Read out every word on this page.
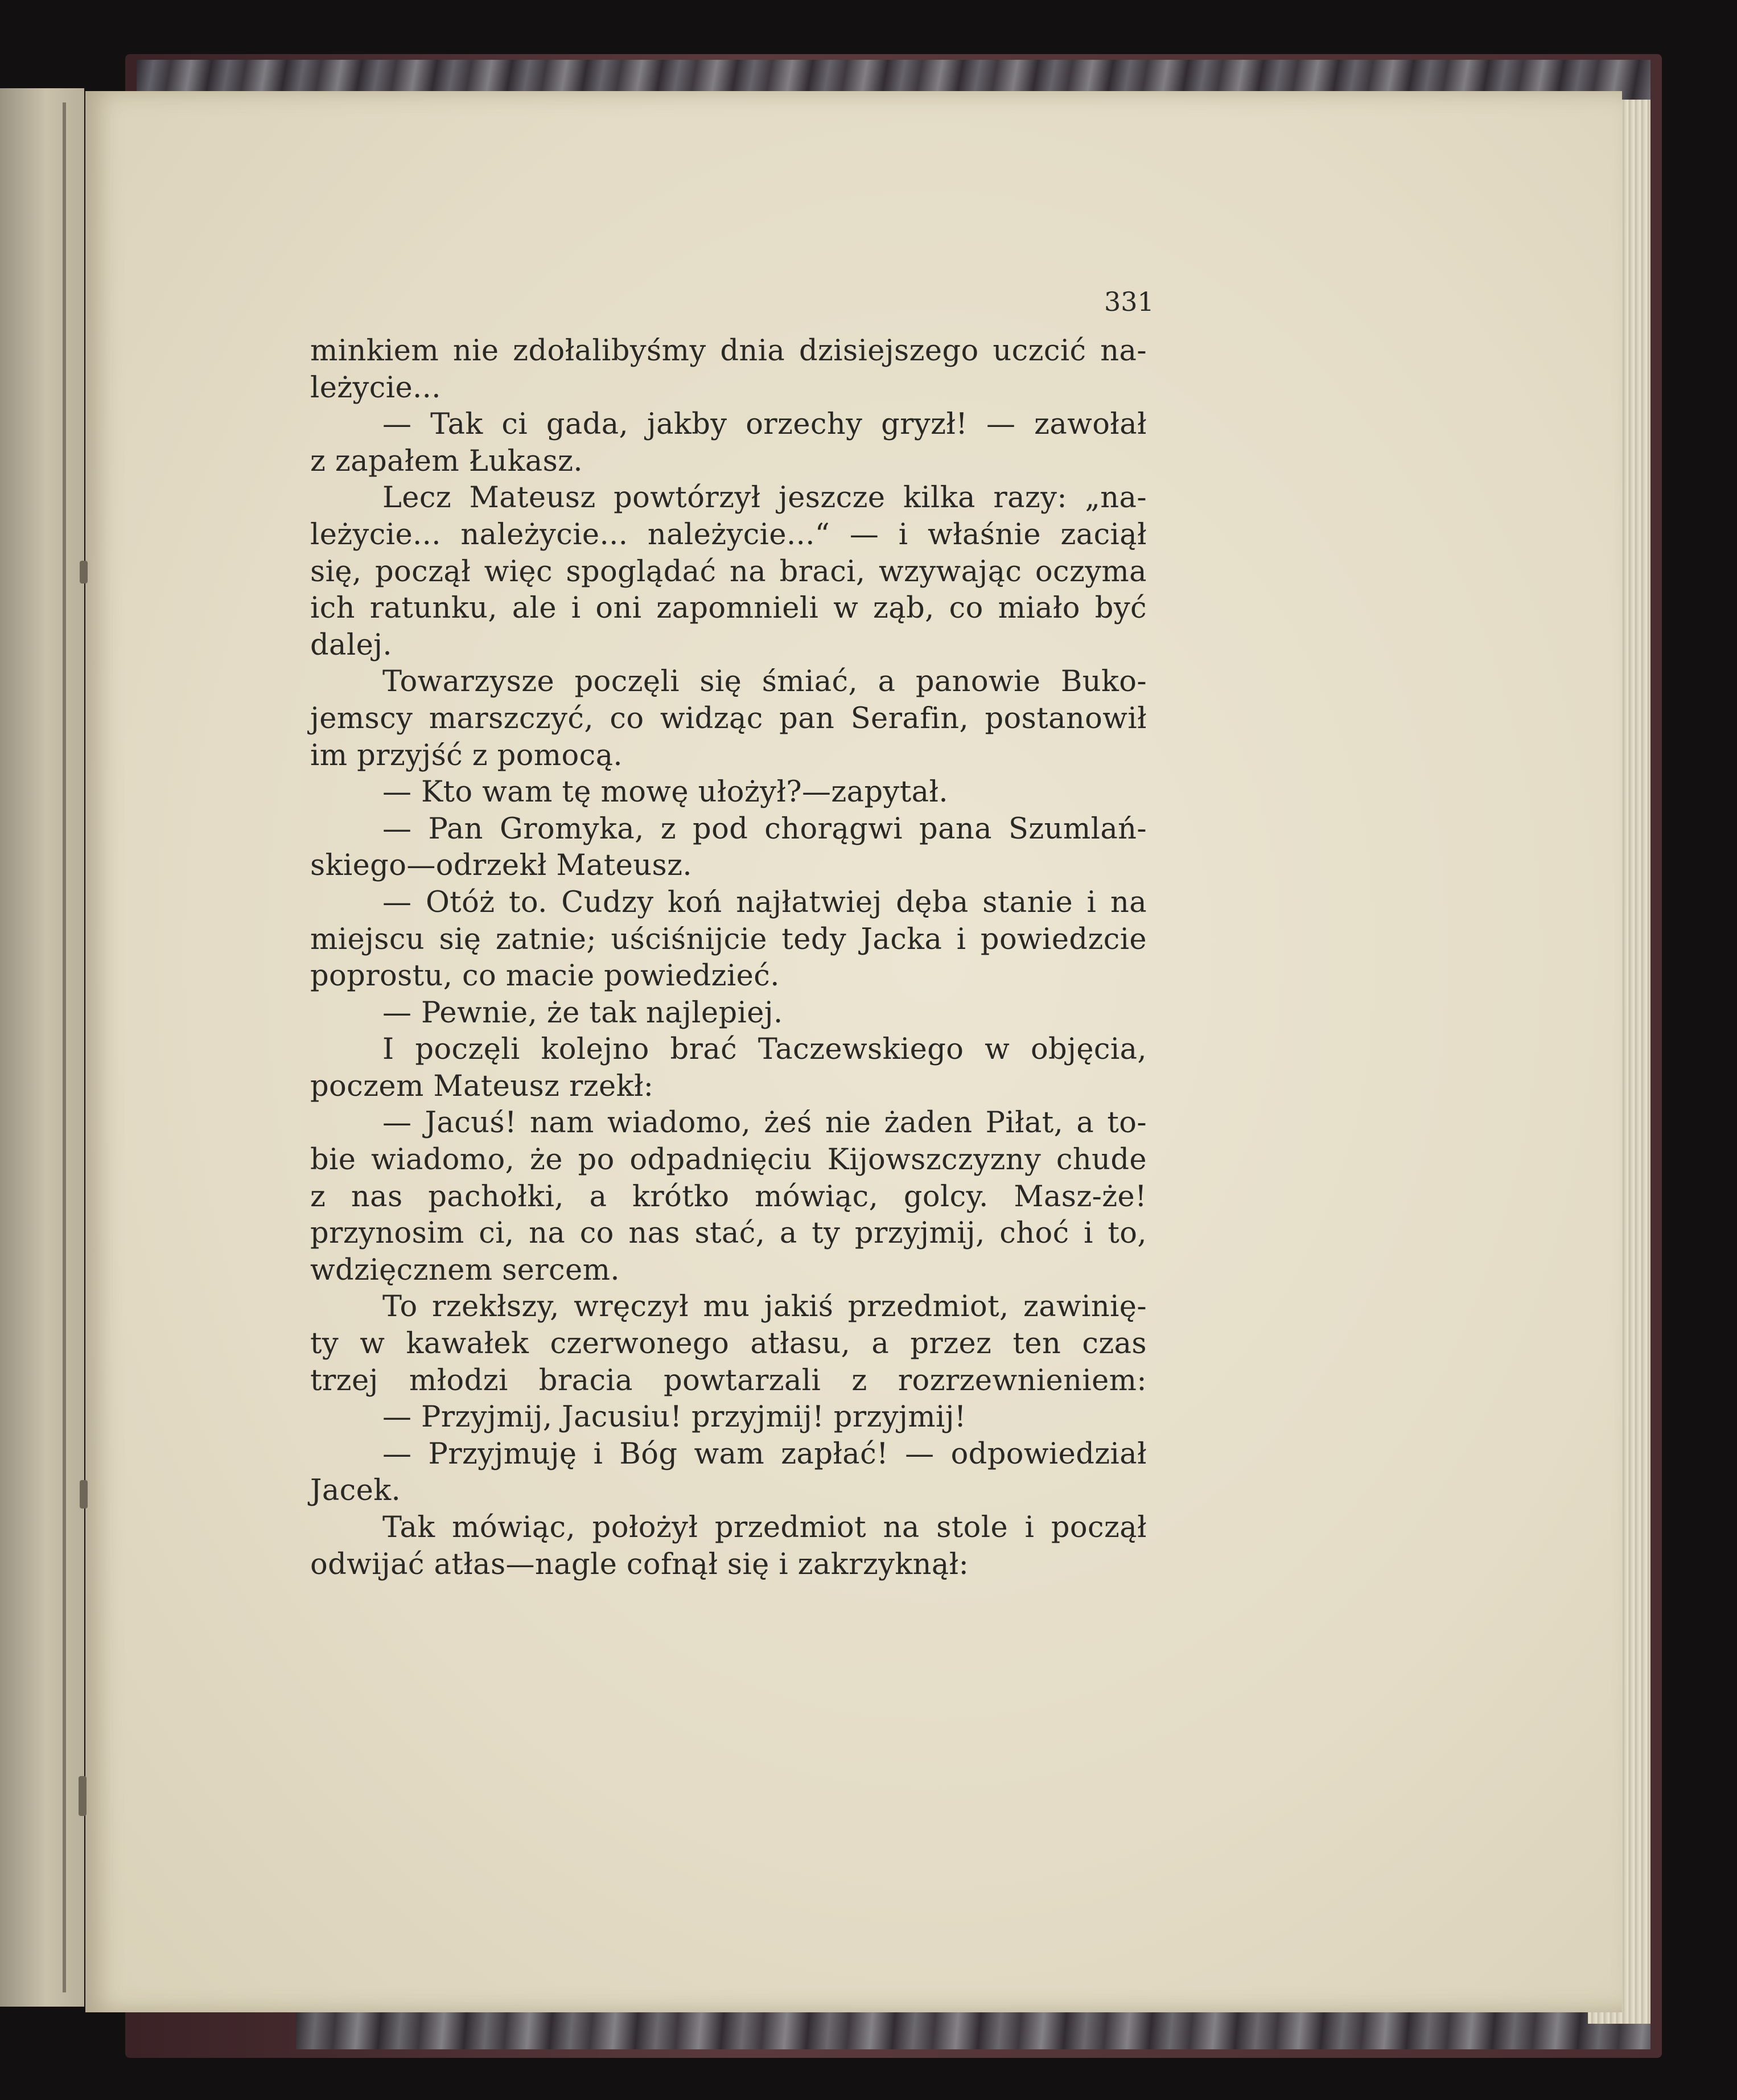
331
minkiem nie zdołalibyśmy dnia dzisiejszego uczcić na-
leżycie...
— Tak ci gada, jakby orzechy gryzł! — zawołał
z zapałem Łukasz.
Lecz Mateusz powtórzył jeszcze kilka razy: „na-
leżycie... należycie... należycie...“ — i właśnie zaciął
się, począł więc spoglądać na braci, wzywając oczyma
ich ratunku, ale i oni zapomnieli w ząb, co miało być
dalej.
Towarzysze poczęli się śmiać, a panowie Buko-
jemscy marszczyć, co widząc pan Serafin, postanowił
im przyjść z pomocą.
— Kto wam tę mowę ułożył?—zapytał.
— Pan Gromyka, z pod chorągwi pana Szumlań-
skiego—odrzekł Mateusz.
— Otóż to. Cudzy koń najłatwiej dęba stanie i na
miejscu się zatnie; uściśnijcie tedy Jacka i powiedzcie
poprostu, co macie powiedzieć.
— Pewnie, że tak najlepiej.
I poczęli kolejno brać Taczewskiego w objęcia,
poczem Mateusz rzekł:
— Jacuś! nam wiadomo, żeś nie żaden Piłat, a to-
bie wiadomo, że po odpadnięciu Kijowszczyzny chude
z nas pachołki, a krótko mówiąc, golcy. Masz-że!
przynosim ci, na co nas stać, a ty przyjmij, choć i to,
wdzięcznem sercem.
To rzekłszy, wręczył mu jakiś przedmiot, zawinię-
ty w kawałek czerwonego atłasu, a przez ten czas
trzej młodzi bracia powtarzali z rozrzewnieniem:
— Przyjmij, Jacusiu! przyjmij! przyjmij!
— Przyjmuję i Bóg wam zapłać! — odpowiedział
Jacek.
Tak mówiąc, położył przedmiot na stole i począł
odwijać atłas—nagle cofnął się i zakrzyknął:
